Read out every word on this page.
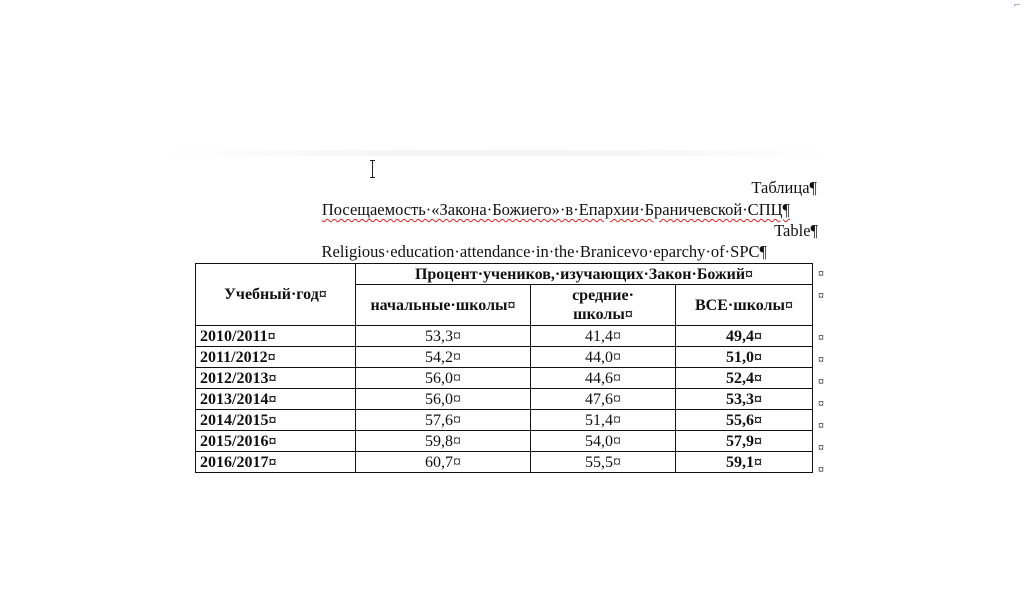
⌐
Таблица¶
Посещаемость·«Закона·Божиего»·в·Епархии·Браничевской·СПЦ¶
Table¶
Religious·education·attendance·in·the·Branicevo·eparchy·of·SPC¶
Учебный·год¤	Процент·учеников,·изучающих·Закон·Божий¤		
	начальные·школы¤	средние·
школы¤	ВСЕ·школы¤
2010/2011¤	53,3¤	41,4¤	49,4¤
2011/2012¤	54,2¤	44,0¤	51,0¤
2012/2013¤	56,0¤	44,6¤	52,4¤
2013/2014¤	56,0¤	47,6¤	53,3¤
2014/2015¤	57,6¤	51,4¤	55,6¤
2015/2016¤	59,8¤	54,0¤	57,9¤
2016/2017¤	60,7¤	55,5¤	59,1¤
¤
¤
¤
¤
¤
¤
¤
¤
¤
